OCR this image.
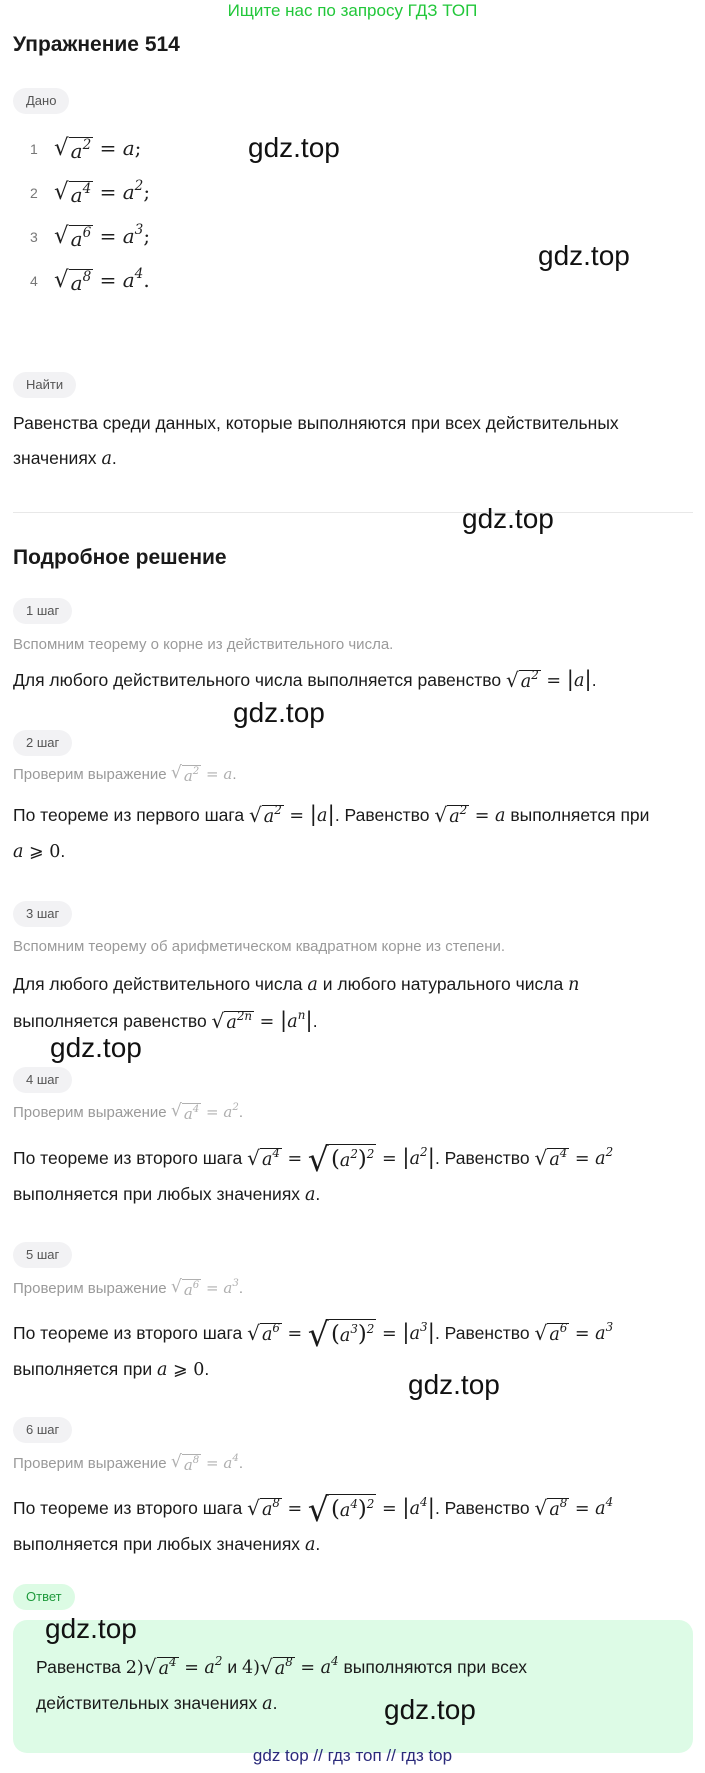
Ищите нас по запросу ГДЗ ТОП
Упражнение 514
Дано
1 √ $a^2 = a$;
2 √ $a^4 = a^2$;
3 √ $a^6 = a^3$;
4 √ $a^8 = a^4$.
Найти
Равенства среди данных, которые выполняются при всех действительных
значениях a.
Подробное решение
1 шаг
Вспомним теорему о корне из действительного числа.
Для любого действительного числа выполняется равенство √ $a^2 = |a|$.
2 шаг
Проверим выражение √ $a^2 = a$.
По теореме из первого шага √ $a^2 = |a|$. Равенство √ $a^2 = a$ выполняется при
a ⩾ 0.
3 шаг
Вспомним теорему об арифметическом квадратном корне из степени.
Для любого действительного числа a и любого натурального числа n
выполняется равенство √ $a^{2n} = |a^n|$.
4 шаг
Проверим выражение √ $a^4 = a^2$.
По теореме из второго шага √ $a^4$ = √ $(a^2)^2 = |a^2|$. Равенство √ $a^4 = a^2$
выполняется при любых значениях a.
5 шаг
Проверим выражение √ $a^6 = a^3$.
По теореме из второго шага √ $a^6$ = √ $(a^3)^2 = |a^3|$. Равенство √ $a^6 = a^3$
выполняется при a ⩾ 0.
6 шаг
Проверим выражение √ $a^8 = a^4$.
По теореме из второго шага √ $a^8$ = √ $(a^4)^2 = |a^4|$. Равенство √ $a^8 = a^4$
выполняется при любых значениях a.
Ответ
Равенства 2) √ $a^4 = a^2$ и 4) √ $a^8 = a^4$ выполняются при всех
действительных значениях a.
gdz.top
gdz.top
gdz.top
gdz.top
gdz.top
gdz.top
gdz.top
gdz.top
gdz top // гдз топ // гдз top
